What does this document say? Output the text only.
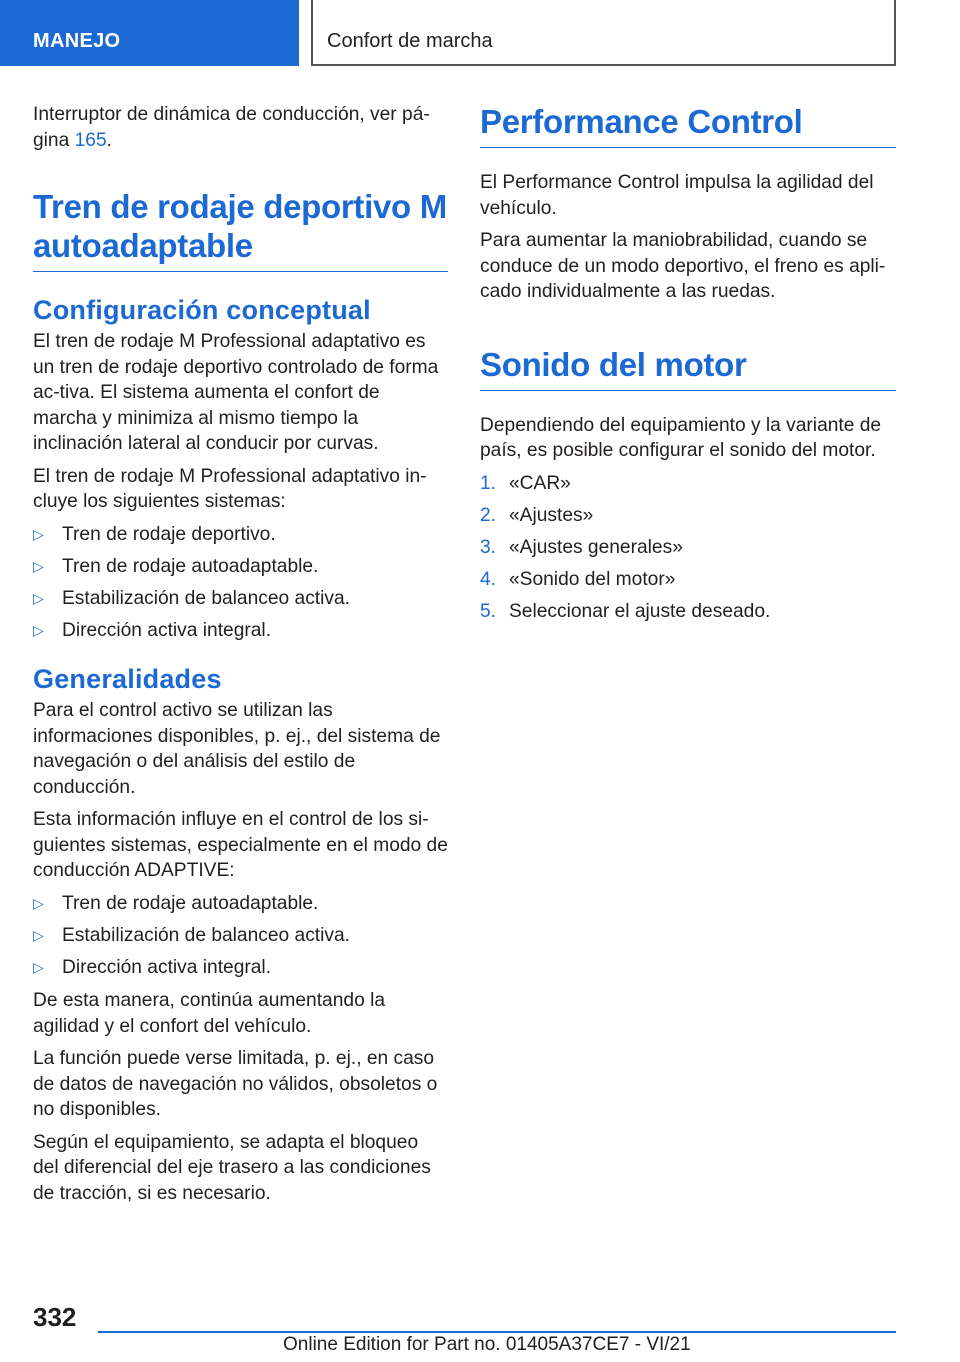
MANEJO	Confort de marcha

Interruptor de dinámica de conducción, ver pá-gina 165.

Tren de rodaje deportivo M autoadaptable
Configuración conceptual

El tren de rodaje M Professional adaptativo es un tren de rodaje deportivo controlado de forma ac-tiva. El sistema aumenta el confort de marcha y minimiza al mismo tiempo la inclinación lateral al conducir por curvas.

El tren de rodaje M Professional adaptativo in-cluye los siguientes sistemas:

▷ Tren de rodaje deportivo.
▷ Tren de rodaje autoadaptable.
▷ Estabilización de balanceo activa.
▷ Dirección activa integral.
Generalidades

Para el control activo se utilizan las informaciones disponibles, p. ej., del sistema de navegación o del análisis del estilo de conducción.

Esta información influye en el control de los si-guientes sistemas, especialmente en el modo de conducción ADAPTIVE:

▷ Tren de rodaje autoadaptable.
▷ Estabilización de balanceo activa.
▷ Dirección activa integral.

De esta manera, continúa aumentando la agilidad y el confort del vehículo.

La función puede verse limitada, p. ej., en caso de datos de navegación no válidos, obsoletos o no disponibles.

Según el equipamiento, se adapta el bloqueo del diferencial del eje trasero a las condiciones de tracción, si es necesario.

Performance Control

El Performance Control impulsa la agilidad del vehículo.

Para aumentar la maniobrabilidad, cuando se conduce de un modo deportivo, el freno es apli-cado individualmente a las ruedas.

Sonido del motor

Dependiendo del equipamiento y la variante de país, es posible configurar el sonido del motor.

1. «CAR»
2. «Ajustes»
3. «Ajustes generales»
4. «Sonido del motor»
5. Seleccionar el ajuste deseado.
332
Online Edition for Part no. 01405A37CE7 - VI/21
